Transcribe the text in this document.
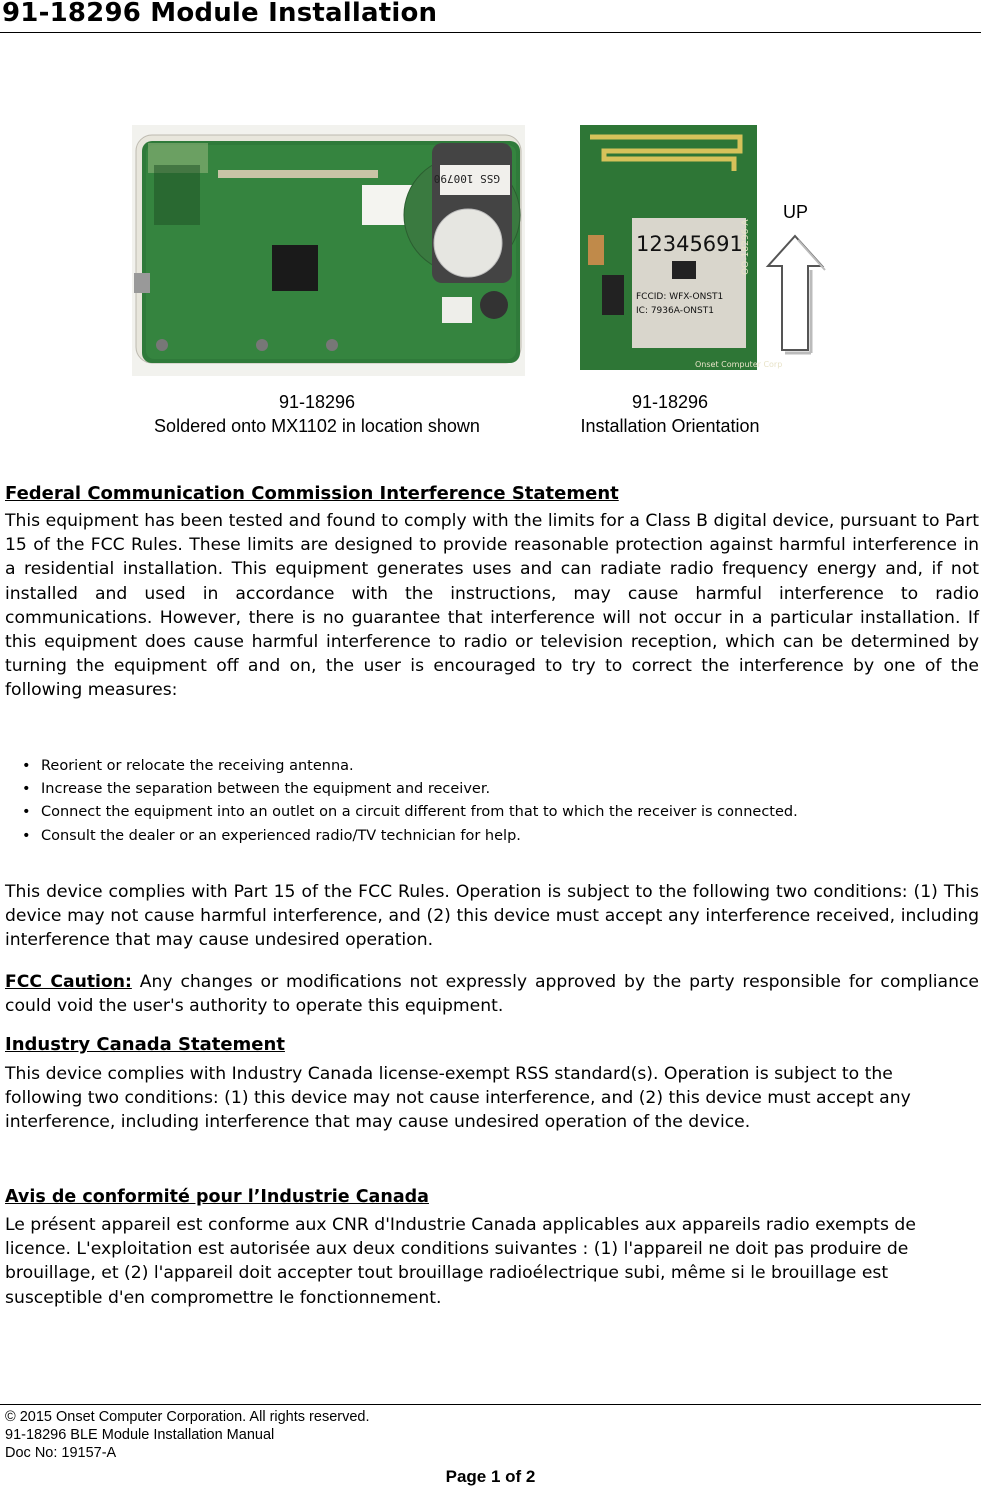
91-18296 Module Installation
GSS 100790
12345691
FCCID: WFX-ONST1
IC: 7936A-ONST1
Onset Computer Corp
OO-18296-A
UP
91-18296
Soldered onto MX1102 in location shown
91-18296
Installation Orientation
Federal Communication Commission Interference Statement
This equipment has been tested and found to comply with the limits for a Class B digital device, pursuant to Part 15 of the FCC Rules. These limits are designed to provide reasonable protection against harmful interference in a residential installation. This equipment generates uses and can radiate radio frequency energy and, if not installed and used in accordance with the instructions, may cause harmful interference to radio communications. However, there is no guarantee that interference will not occur in a particular installation. If this equipment does cause harmful interference to radio or television reception, which can be determined by turning the equipment off and on, the user is encouraged to try to correct the interference by one of the following measures:
• Reorient or relocate the receiving antenna.
• Increase the separation between the equipment and receiver.
• Connect the equipment into an outlet on a circuit different from that to which the receiver is connected.
• Consult the dealer or an experienced radio/TV technician for help.
This device complies with Part 15 of the FCC Rules. Operation is subject to the following two conditions: (1) This device may not cause harmful interference, and (2) this device must accept any interference received, including interference that may cause undesired operation.
FCC Caution: Any changes or modifications not expressly approved by the party responsible for compliance could void the user's authority to operate this equipment.
Industry Canada Statement
This device complies with Industry Canada license-exempt RSS standard(s). Operation is subject to the following two conditions: (1) this device may not cause interference, and (2) this device must accept any interference, including interference that may cause undesired operation of the device.
Avis de conformité pour l’Industrie Canada
Le présent appareil est conforme aux CNR d'Industrie Canada applicables aux appareils radio exempts de licence. L'exploitation est autorisée aux deux conditions suivantes : (1) l'appareil ne doit pas produire de brouillage, et (2) l'appareil doit accepter tout brouillage radioélectrique subi, même si le brouillage est susceptible d'en compromettre le fonctionnement.
© 2015 Onset Computer Corporation. All rights reserved.
91-18296 BLE Module Installation Manual
Doc No: 19157-A
Page 1 of 2
